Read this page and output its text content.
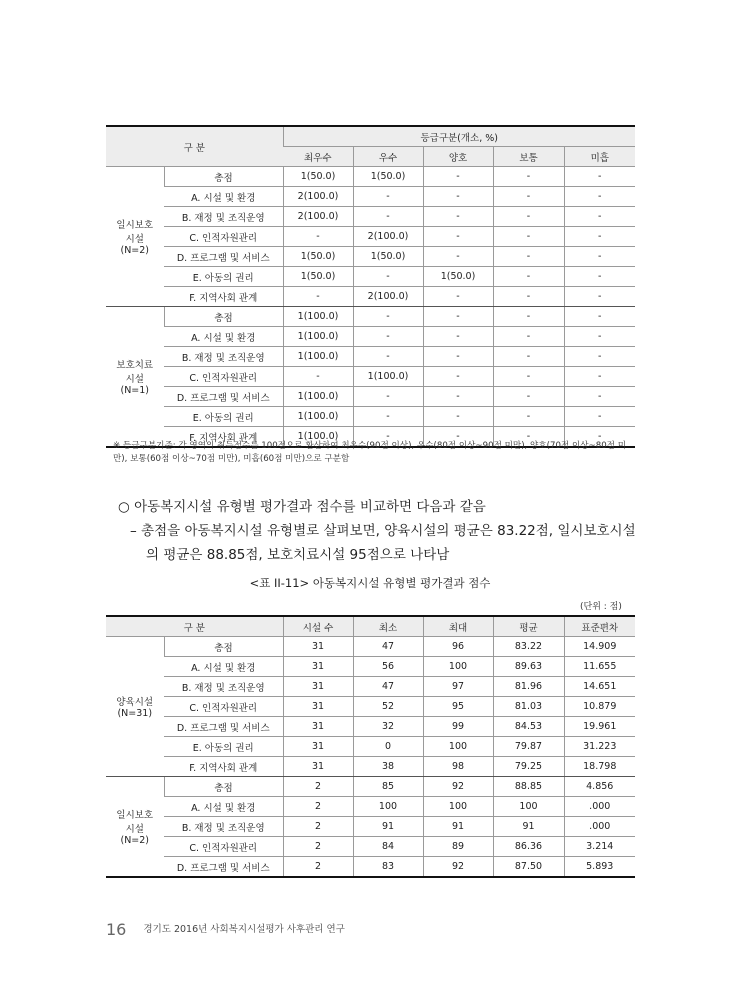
구 분		등급구분(개소, %)				
		최우수	우수	양호	보통	미흡
일시보호
시설
(N=2)	총점	1(50.0)	1(50.0)	-	-	-
	A. 시설 및 환경	2(100.0)	-	-	-	-
	B. 재정 및 조직운영	2(100.0)	-	-	-	-
	C. 인적자원관리	-	2(100.0)	-	-	-
	D. 프로그램 및 서비스	1(50.0)	1(50.0)	-	-	-
	E. 아동의 권리	1(50.0)	-	1(50.0)	-	-
	F. 지역사회 관계	-	2(100.0)	-	-	-
보호치료
시설
(N=1)	총점	1(100.0)	-	-	-	-
	A. 시설 및 환경	1(100.0)	-	-	-	-
	B. 재정 및 조직운영	1(100.0)	-	-	-	-
	C. 인적자원관리	-	1(100.0)	-	-	-
	D. 프로그램 및 서비스	1(100.0)	-	-	-	-
	E. 아동의 권리	1(100.0)	-	-	-	-
	F. 지역사회 관계	1(100.0)	-	-	-	-
※ 등급구분기준: 각 영역의 취득점수를 100점으로 환산하여 최우수(90점 이상), 우수(80점 이상~90점 미만), 양호(70점 이상~80점 미만), 보통(60점 이상~70점 미만), 미흡(60점 미만)으로 구분함
○ 아동복지시설 유형별 평가결과 점수를 비교하면 다음과 같음
– 총점을 아동복지시설 유형별로 살펴보면, 양육시설의 평균은 83.22점, 일시보호시설
의 평균은 88.85점, 보호치료시설 95점으로 나타남
<표 II-11> 아동복지시설 유형별 평가결과 점수
(단위 : 점)
구 분		시설 수	최소	최대	평균	표준편차
양육시설
(N=31)	총점	31	47	96	83.22	14.909
	A. 시설 및 환경	31	56	100	89.63	11.655
	B. 재정 및 조직운영	31	47	97	81.96	14.651
	C. 인적자원관리	31	52	95	81.03	10.879
	D. 프로그램 및 서비스	31	32	99	84.53	19.961
	E. 아동의 권리	31	0	100	79.87	31.223
	F. 지역사회 관계	31	38	98	79.25	18.798
일시보호
시설
(N=2)	총점	2	85	92	88.85	4.856
	A. 시설 및 환경	2	100	100	100	.000
	B. 재정 및 조직운영	2	91	91	91	.000
	C. 인적자원관리	2	84	89	86.36	3.214
	D. 프로그램 및 서비스	2	83	92	87.50	5.893
16 경기도 2016년 사회복지시설평가 사후관리 연구
